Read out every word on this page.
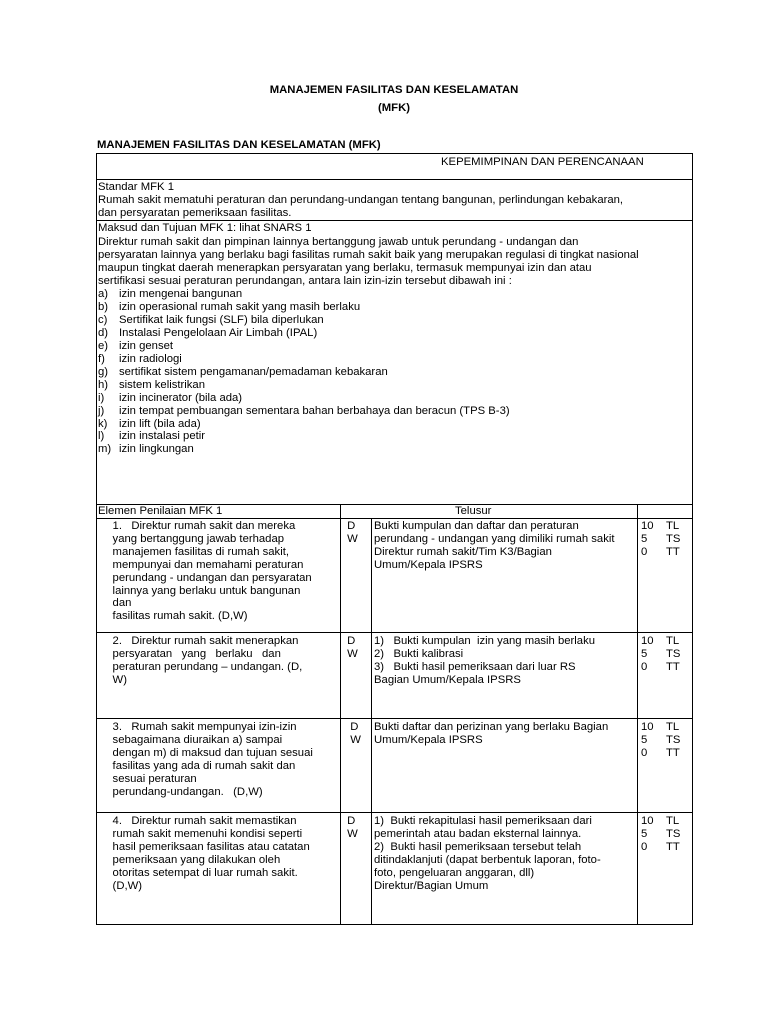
MANAJEMEN FASILITAS DAN KESELAMATAN
(MFK)
MANAJEMEN FASILITAS DAN KESELAMATAN (MFK)
KEPEMIMPINAN DAN PERENCANAAN
Standar MFK 1
Rumah sakit mematuhi peraturan dan perundang-undangan tentang bangunan, perlindungan kebakaran,
dan persyaratan pemeriksaan fasilitas.
Maksud dan Tujuan MFK 1: lihat SNARS 1
Direktur rumah sakit dan pimpinan lainnya bertanggung jawab untuk perundang - undangan dan
persyaratan lainnya yang berlaku bagi fasilitas rumah sakit baik yang merupakan regulasi di tingkat nasional
maupun tingkat daerah menerapkan persyaratan yang berlaku, termasuk mempunyai izin dan atau
sertifikasi sesuai peraturan perundangan, antara lain izin-izin tersebut dibawah ini :
a) izin mengenai bangunan
b) izin operasional rumah sakit yang masih berlaku
c) Sertifikat laik fungsi (SLF) bila diperlukan
d) Instalasi Pengelolaan Air Limbah (IPAL)
e) izin genset
f) izin radiologi
g) sertifikat sistem pengamanan/pemadaman kebakaran
h) sistem kelistrikan
i) izin incinerator (bila ada)
j) izin tempat pembuangan sementara bahan berbahaya dan beracun (TPS B-3)
k) izin lift (bila ada)
l) izin instalasi petir
m) izin lingkungan
Elemen Penilaian MFK 1	Telusur
1.   Direktur rumah sakit dan mereka
yang bertanggung jawab terhadap
manajemen fasilitas di rumah sakit,
mempunyai dan memahami peraturan
perundang - undangan dan persyaratan
lainnya yang berlaku untuk bangunan
dan
fasilitas rumah sakit. (D,W)
D
W
Bukti kumpulan dan daftar dan peraturan
perundang - undangan yang dimiliki rumah sakit
Direktur rumah sakit/Tim K3/Bagian
Umum/Kepala IPSRS
10
5
0
TL
TS
TT
2.   Direktur rumah sakit menerapkan
persyaratan   yang   berlaku   dan
peraturan perundang – undangan. (D,
W)
D
W
1)   Bukti kumpulan  izin yang masih berlaku
2)   Bukti kalibrasi
3)   Bukti hasil pemeriksaan dari luar RS
Bagian Umum/Kepala IPSRS
10
5
0
TL
TS
TT
3.   Rumah sakit mempunyai izin-izin
sebagaimana diuraikan a) sampai
dengan m) di maksud dan tujuan sesuai
fasilitas yang ada di rumah sakit dan
sesuai peraturan
perundang-undangan.   (D,W)
D
W
Bukti daftar dan perizinan yang berlaku Bagian
Umum/Kepala IPSRS
10
5
0
TL
TS
TT
4.   Direktur rumah sakit memastikan
rumah sakit memenuhi kondisi seperti
hasil pemeriksaan fasilitas atau catatan
pemeriksaan yang dilakukan oleh
otoritas setempat di luar rumah sakit.
(D,W)
D
W
1)  Bukti rekapitulasi hasil pemeriksaan dari
pemerintah atau badan eksternal lainnya.
2)  Bukti hasil pemeriksaan tersebut telah
ditindaklanjuti (dapat berbentuk laporan, foto-
foto, pengeluaran anggaran, dll)
Direktur/Bagian Umum
10
5
0
TL
TS
TT
